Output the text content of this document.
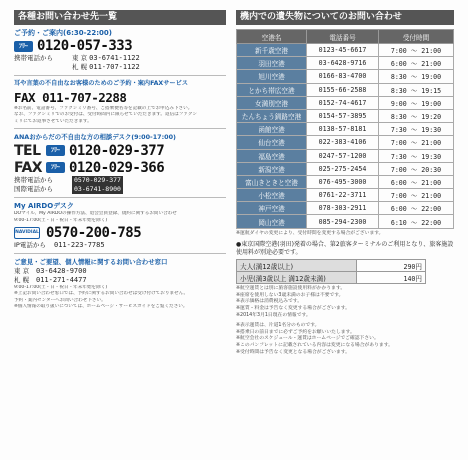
各種お問い合わせ先一覧
ご予約・ご案内(6:30-22:00)
ﾌﾘｰ 0120-057-333
携帯電話から	東 京
03-6741-1122
札 幌
011-707-1122
耳や言葉の不自由なお客様のためのご予約・案内FAXサービス
FAX 011-707-2288
※お名前、電話番号、ファクシミリ番号、ご搭乗便名等を記載の上でお申込み下さい。
なお、ファクシミリでのお受付は、受付時間内に限らせていただきます。返信はファクシ
ミリにてお返事させていただきます。
ANAおからだの不自由な方の相談デスク(9:00-17:00)
TEL	ﾌﾘｰ 0120-029-377
FAX	ﾌﾘｰ 0120-029-366
携帯電話から	0570-029-377
国際電話から	03-6741-8900
My AIRDOデスク
DOマイル、My AIRDOの操作方法、退会会員登録、規約に関するお問い合わせ
9:00-17:00(土・日・祝日・年末年始を除く)
NAVIDIAL 0570-200-785
IP電話から	011-223-7785
ご意見・ご要望、個人情報に関するお問い合わせ窓口
東 京 03-6428-9700
札 幌 011-271-4477
9:00-17:00(土・日・祝日・年末年始を除く)
※上記お問い合わせ窓口では、予約に関するお問い合わせは受け付けておりません。
予約・案内センターへお問い合わせ下さい。
※個人情報の取り扱いについては、ホームページ・サービスガイドをご覧ください。
機内での遺失物についてのお問い合わせ
空港名	電話番号	受付時間
新千歳空港	0123-45-6617	7:00 ～ 21:00
羽田空港	03-6428-9716	6:00 ～ 21:00
旭川空港	0166-83-4700	8:30 ～ 19:00
とかち帯広空港	0155-66-2588	8:30 ～ 19:15
女満別空港	0152-74-4617	9:00 ～ 19:00
たんちょう釧路空港	0154-57-3895	8:30 ～ 19:20
函館空港	0138-57-8181	7:30 ～ 19:30
仙台空港	022-383-4106	7:00 ～ 21:00
福島空港	0247-57-1200	7:30 ～ 19:30
新潟空港	025-275-2454	7:00 ～ 20:30
富山きときと空港	076-495-3000	6:00 ～ 21:00
小松空港	0761-22-3711	7:00 ～ 21:00
神戸空港	078-303-2911	6:00 ～ 22:00
岡山空港	085-294-2300	6:10 ～ 22:00
※運航ダイヤの変更により、受付時間を変更する場合がございます。
●東京国際空港(羽田)発着の場合、第2旅客ターミナルのご利用となり、旅客施設使用料が別途必要です。
大人(満12歳以上)	290円
小児(満3歳以上 満12歳未満)	140円
※航空運賃とは別に旅客施設使用料がかかります。
※座席を使用しない3歳未満のお子様は不要です。
※表示価格は消費税込みです。
※運賃・料金は予告なく変更する場合がございます。
※2014年3月1日現在の情報です。
※表示運賃は、片道1名分のものです。
※搭乗日の前日までに必ずご予約をお願いいたします。
※航空会社のスケジュール・運賃はホームページでご確認下さい。
※このパンフレットに記載されている内容は変更になる場合があります。
※受付時間は予告なく変更となる場合がございます。
